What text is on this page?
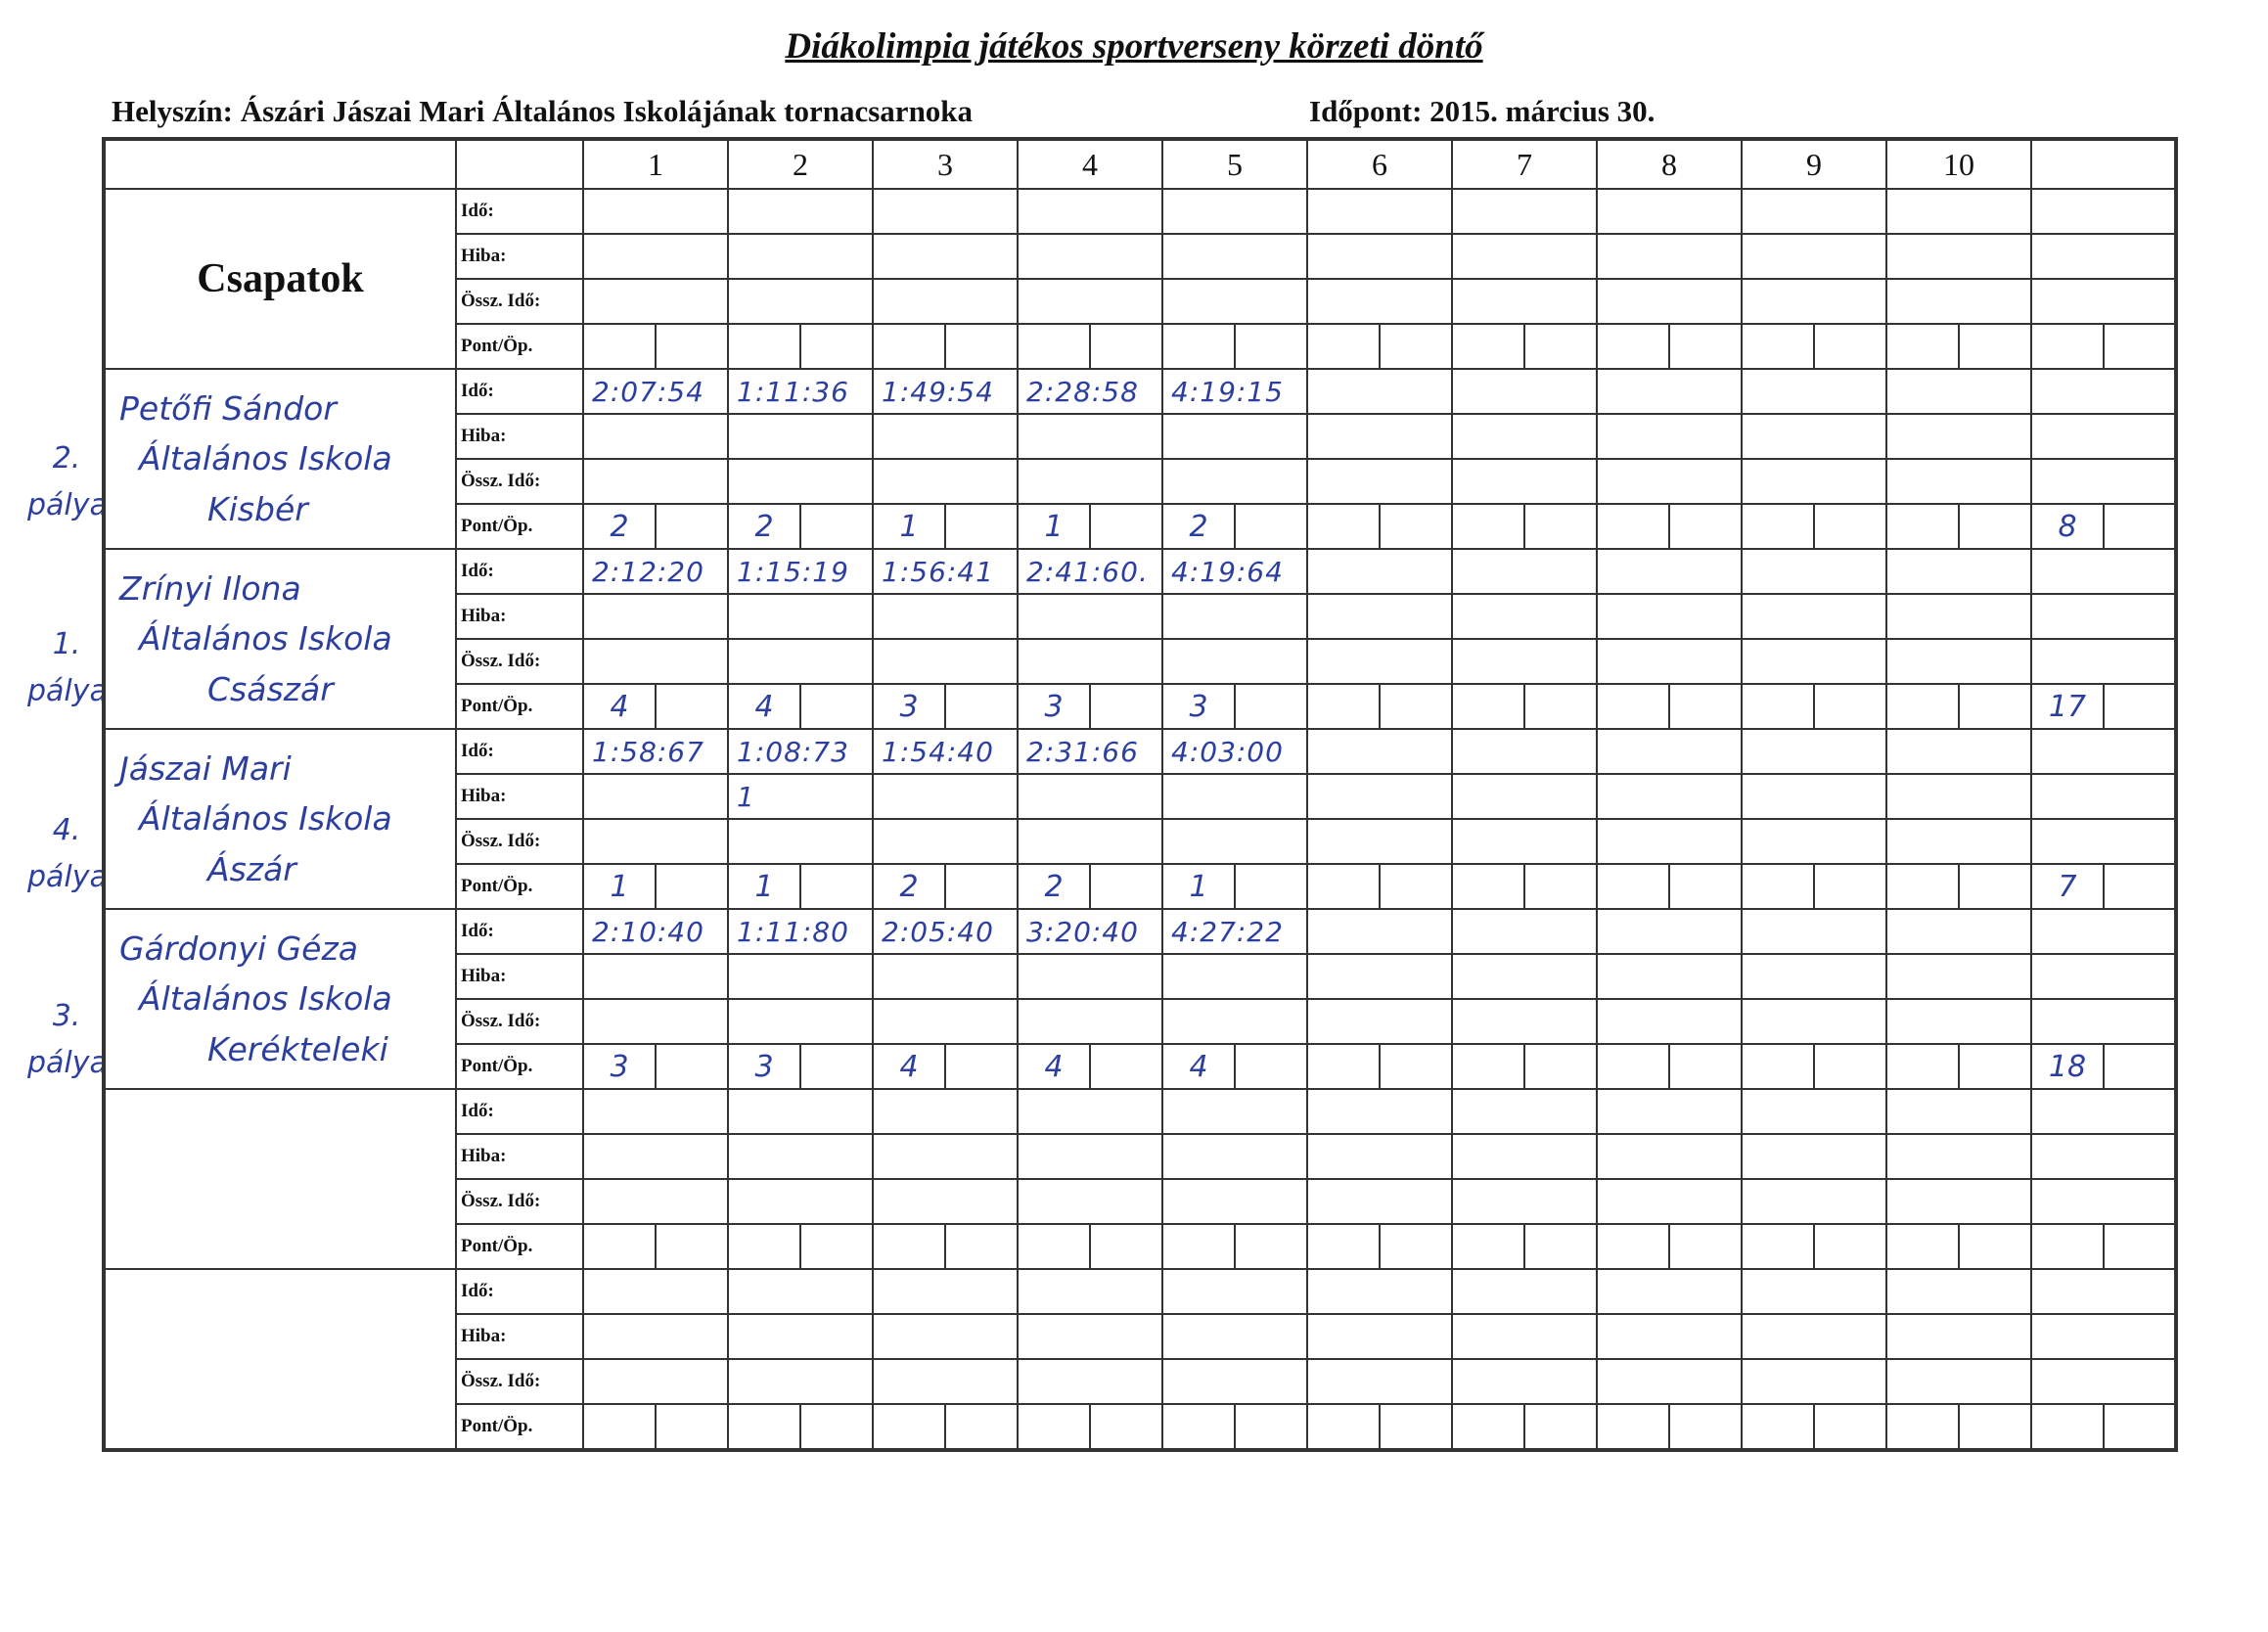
Diákolimpia játékos sportverseny körzeti döntő
Helyszín: Ászári Jászai Mari Általános Iskolájának tornacsarnoka	Időpont: 2015. március 30.
2.
pálya
1.
pálya
4.
pálya
3.
pálya
		1		2		3		4		5		6		7		8		9		10			
Csapatok	Idő:																						
	Hiba:																						
	Össz. Idő:																						
	Pont/Öp.																						

Petőfi Sándor
Általános Iskola
Kisbér	Idő:	2:07:54		1:11:36		1:49:54		2:28:58		4:19:15													
	Hiba:																						
	Össz. Idő:																						
	Pont/Öp.	2		2		1		1		2												8	

Zrínyi Ilona
Általános Iskola
Császár	Idő:	2:12:20		1:15:19		1:56:41		2:41:60.		4:19:64													
	Hiba:																						
	Össz. Idő:																						
	Pont/Öp.	4		4		3		3		3												17	

Jászai Mari
Általános Iskola
Ászár	Idő:	1:58:67		1:08:73		1:54:40		2:31:66		4:03:00													
	Hiba:			1																			
	Össz. Idő:																						
	Pont/Öp.	1		1		2		2		1												7	

Gárdonyi Géza
Általános Iskola
Kerékteleki	Idő:	2:10:40		1:11:80		2:05:40		3:20:40		4:27:22													
	Hiba:																						
	Össz. Idő:																						
	Pont/Öp.	3		3		4		4		4												18	
	Idő:																						
	Hiba:																						
	Össz. Idő:																						
	Pont/Öp.																						
	Idő:																						
	Hiba:																						
	Össz. Idő:																						
	Pont/Öp.																						
